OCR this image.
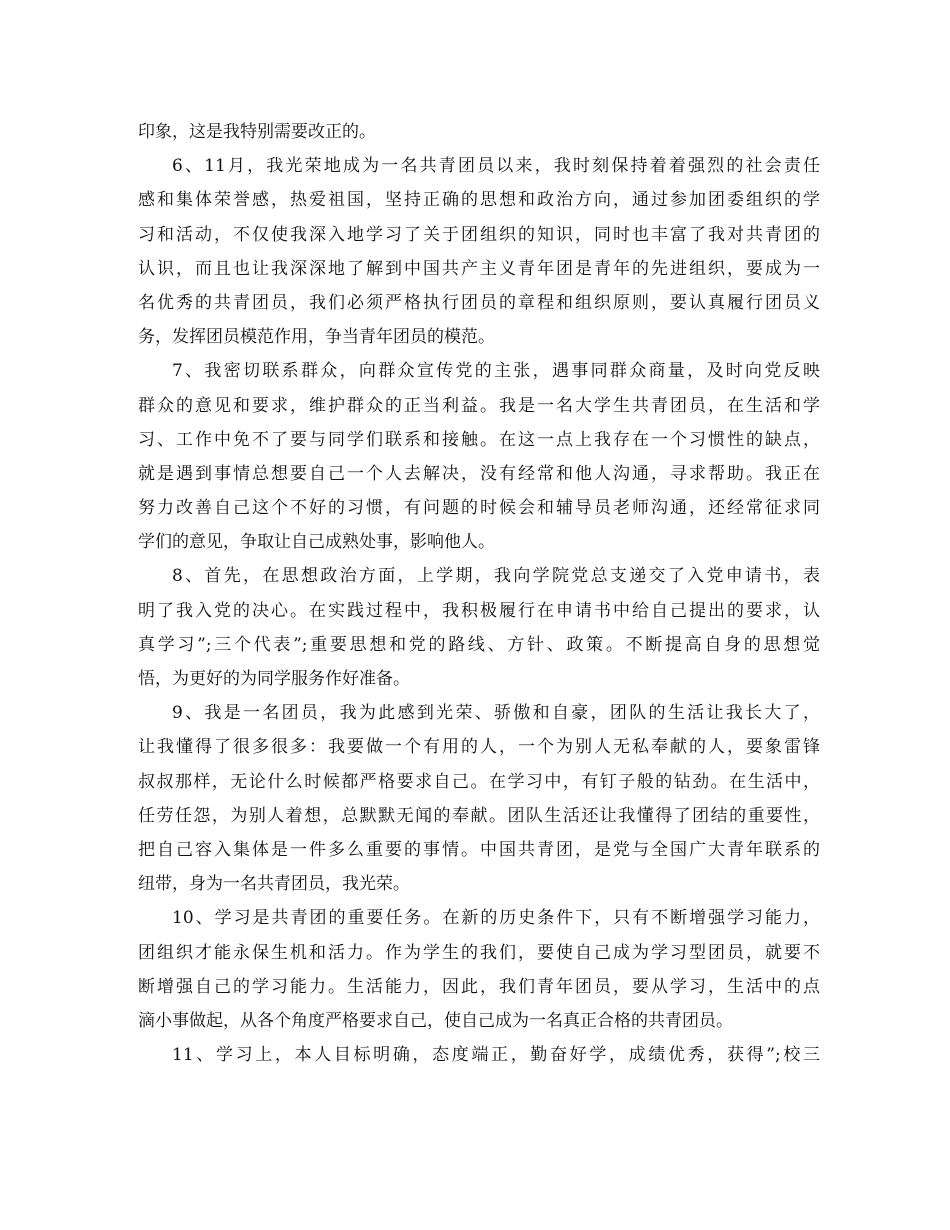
印象，这是我特别需要改正的。
6、11月，我光荣地成为一名共青团员以来，我时刻保持着着强烈的社会责任
感和集体荣誉感，热爱祖国，坚持正确的思想和政治方向，通过参加团委组织的学
习和活动，不仅使我深入地学习了关于团组织的知识，同时也丰富了我对共青团的
认识，而且也让我深深地了解到中国共产主义青年团是青年的先进组织，要成为一
名优秀的共青团员，我们必须严格执行团员的章程和组织原则，要认真履行团员义
务，发挥团员模范作用，争当青年团员的模范。
7、我密切联系群众，向群众宣传党的主张，遇事同群众商量，及时向党反映
群众的意见和要求，维护群众的正当利益。我是一名大学生共青团员，在生活和学
习、工作中免不了要与同学们联系和接触。在这一点上我存在一个习惯性的缺点，
就是遇到事情总想要自己一个人去解决，没有经常和他人沟通，寻求帮助。我正在
努力改善自己这个不好的习惯，有问题的时候会和辅导员老师沟通，还经常征求同
学们的意见，争取让自己成熟处事，影响他人。
8、首先，在思想政治方面，上学期，我向学院党总支递交了入党申请书，表
明了我入党的决心。在实践过程中，我积极履行在申请书中给自己提出的要求，认
真学习”;三个代表”;重要思想和党的路线、方针、政策。不断提高自身的思想觉
悟，为更好的为同学服务作好准备。
9、我是一名团员，我为此感到光荣、骄傲和自豪，团队的生活让我长大了，
让我懂得了很多很多：我要做一个有用的人，一个为别人无私奉献的人，要象雷锋
叔叔那样，无论什么时候都严格要求自己。在学习中，有钉子般的钻劲。在生活中，
任劳任怨，为别人着想，总默默无闻的奉献。团队生活还让我懂得了团结的重要性，
把自己容入集体是一件多么重要的事情。中国共青团，是党与全国广大青年联系的
纽带，身为一名共青团员，我光荣。
10、学习是共青团的重要任务。在新的历史条件下，只有不断增强学习能力，
团组织才能永保生机和活力。作为学生的我们，要使自己成为学习型团员，就要不
断增强自己的学习能力。生活能力，因此，我们青年团员，要从学习，生活中的点
滴小事做起，从各个角度严格要求自己，使自己成为一名真正合格的共青团员。
11、学习上，本人目标明确，态度端正，勤奋好学，成绩优秀，获得”;校三
